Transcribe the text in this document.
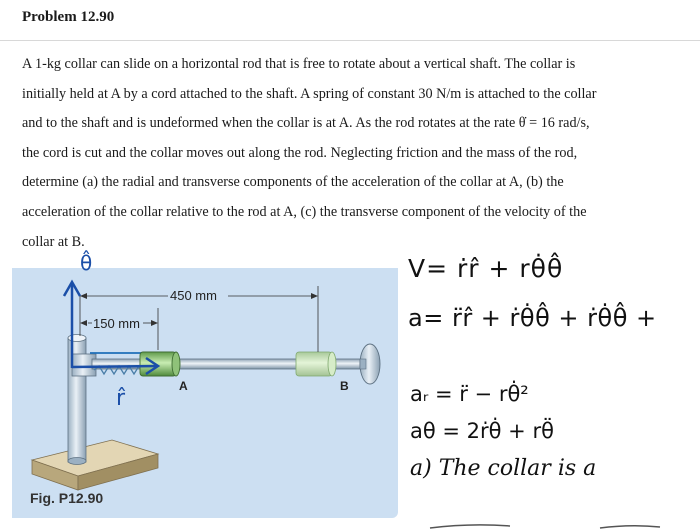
Problem 12.90
A 1-kg collar can slide on a horizontal rod that is free to rotate about a vertical shaft. The collar is
initially held at A by a cord attached to the shaft. A spring of constant 30 N/m is attached to the collar
and to the shaft and is undeformed when the collar is at A. As the rod rotates at the rate θ̇ = 16 rad/s,
the cord is cut and the collar moves out along the rod. Neglecting friction and the mass of the rod,
determine (a) the radial and transverse components of the acceleration of the collar at A, (b) the
acceleration of the collar relative to the rod at A, (c) the transverse component of the velocity of the
collar at B.
450 mm
150 mm
A	B
Fig. P12.90
θ̂
r̂
V= ṙr̂ + rθ̇θ̂
a= r̈r̂ + ṙθ̇θ̂ + ṙθ̇θ̂ +
aᵣ = r̈ − rθ̇²
aθ = 2ṙθ̇ + rθ̈
a) The collar is a
